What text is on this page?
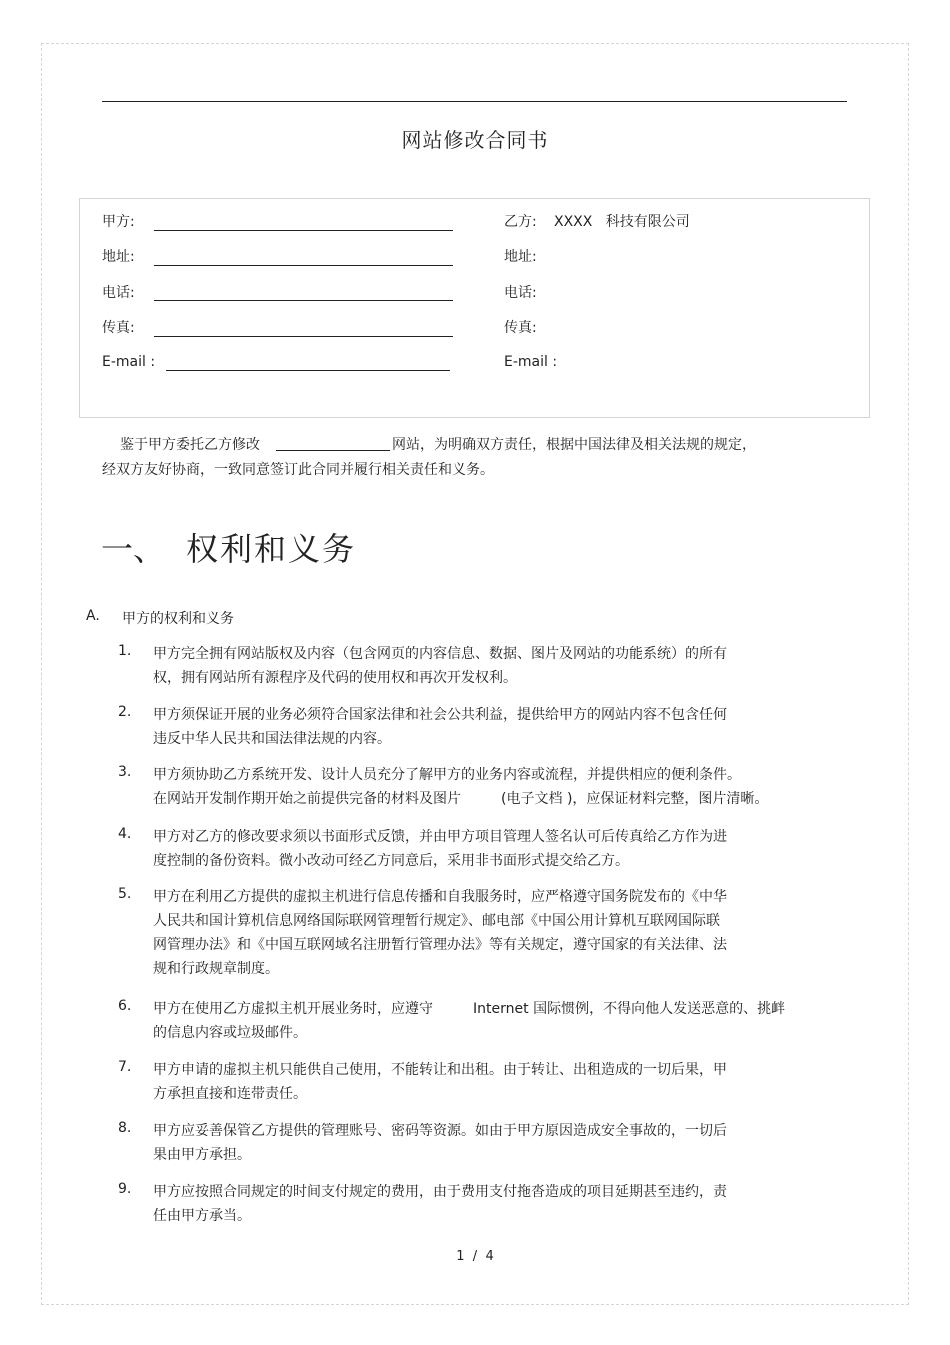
网站修改合同书
甲方:
地址:
电话:
传真:
E-mail :
乙方: XXXX   科技有限公司
地址:
电话:
传真:
E-mail :
鉴于甲方委托乙方修改	网站，为明确双方责任，根据中国法律及相关法规的规定，
经双方友好协商，一致同意签订此合同并履行相关责任和义务。
一、 权利和义务
A. 甲方的权利和义务
1. 甲方完全拥有网站版权及内容（包含网页的内容信息、数据、图片及网站的功能系统）的所有
权，拥有网站所有源程序及代码的使用权和再次开发权利。
2. 甲方须保证开展的业务必须符合国家法律和社会公共利益，提供给甲方的网站内容不包含任何
违反中华人民共和国法律法规的内容。
3. 甲方须协助乙方系统开发、设计人员充分了解甲方的业务内容或流程，并提供相应的便利条件。
在网站开发制作期开始之前提供完备的材料及图片         (电子文档 )，应保证材料完整，图片清晰。
4. 甲方对乙方的修改要求须以书面形式反馈，并由甲方项目管理人签名认可后传真给乙方作为进
度控制的备份资料。微小改动可经乙方同意后，采用非书面形式提交给乙方。
5. 甲方在利用乙方提供的虚拟主机进行信息传播和自我服务时，应严格遵守国务院发布的《中华
人民共和国计算机信息网络国际联网管理暂行规定》、邮电部《中国公用计算机互联网国际联
网管理办法》和《中国互联网域名注册暂行管理办法》等有关规定，遵守国家的有关法律、法
规和行政规章制度。
6. 甲方在使用乙方虚拟主机开展业务时，应遵守         Internet 国际惯例，不得向他人发送恶意的、挑衅
的信息内容或垃圾邮件。
7. 甲方申请的虚拟主机只能供自己使用，不能转让和出租。由于转让、出租造成的一切后果，甲
方承担直接和连带责任。
8. 甲方应妥善保管乙方提供的管理账号、密码等资源。如由于甲方原因造成安全事故的，一切后
果由甲方承担。
9. 甲方应按照合同规定的时间支付规定的费用，由于费用支付拖沓造成的项目延期甚至违约，责
任由甲方承当。
1  /  4
